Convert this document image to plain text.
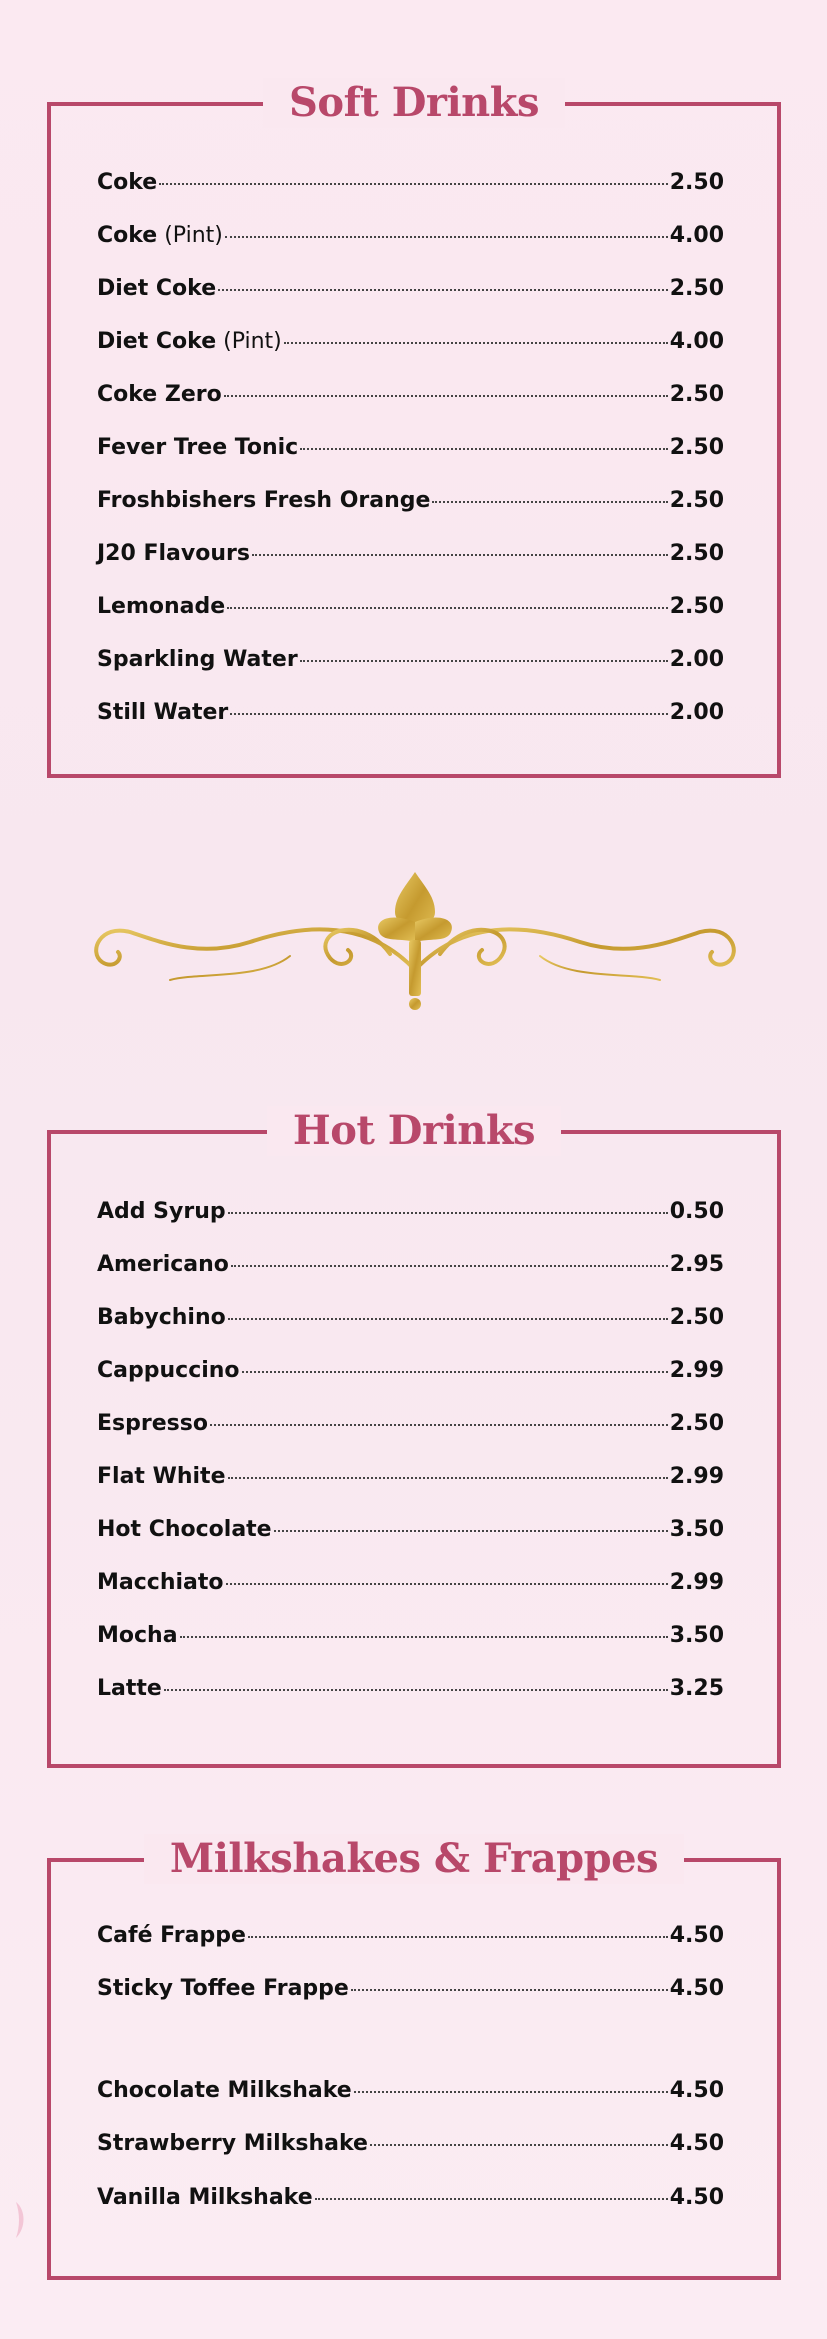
Soft Drinks
Coke	2.50
Coke (Pint)	4.00
Diet Coke	2.50
Diet Coke (Pint)	4.00
Coke Zero	2.50
Fever Tree Tonic	2.50
Froshbishers Fresh Orange	2.50
J20 Flavours	2.50
Lemonade	2.50
Sparkling Water	2.00
Still Water	2.00
Hot Drinks
Add Syrup	0.50
Americano	2.95
Babychino	2.50
Cappuccino	2.99
Espresso	2.50
Flat White	2.99
Hot Chocolate	3.50
Macchiato	2.99
Mocha	3.50
Latte	3.25
Milkshakes & Frappes
Café Frappe	4.50
Sticky Toffee Frappe	4.50
Chocolate Milkshake	4.50
Strawberry Milkshake	4.50
Vanilla Milkshake	4.50
